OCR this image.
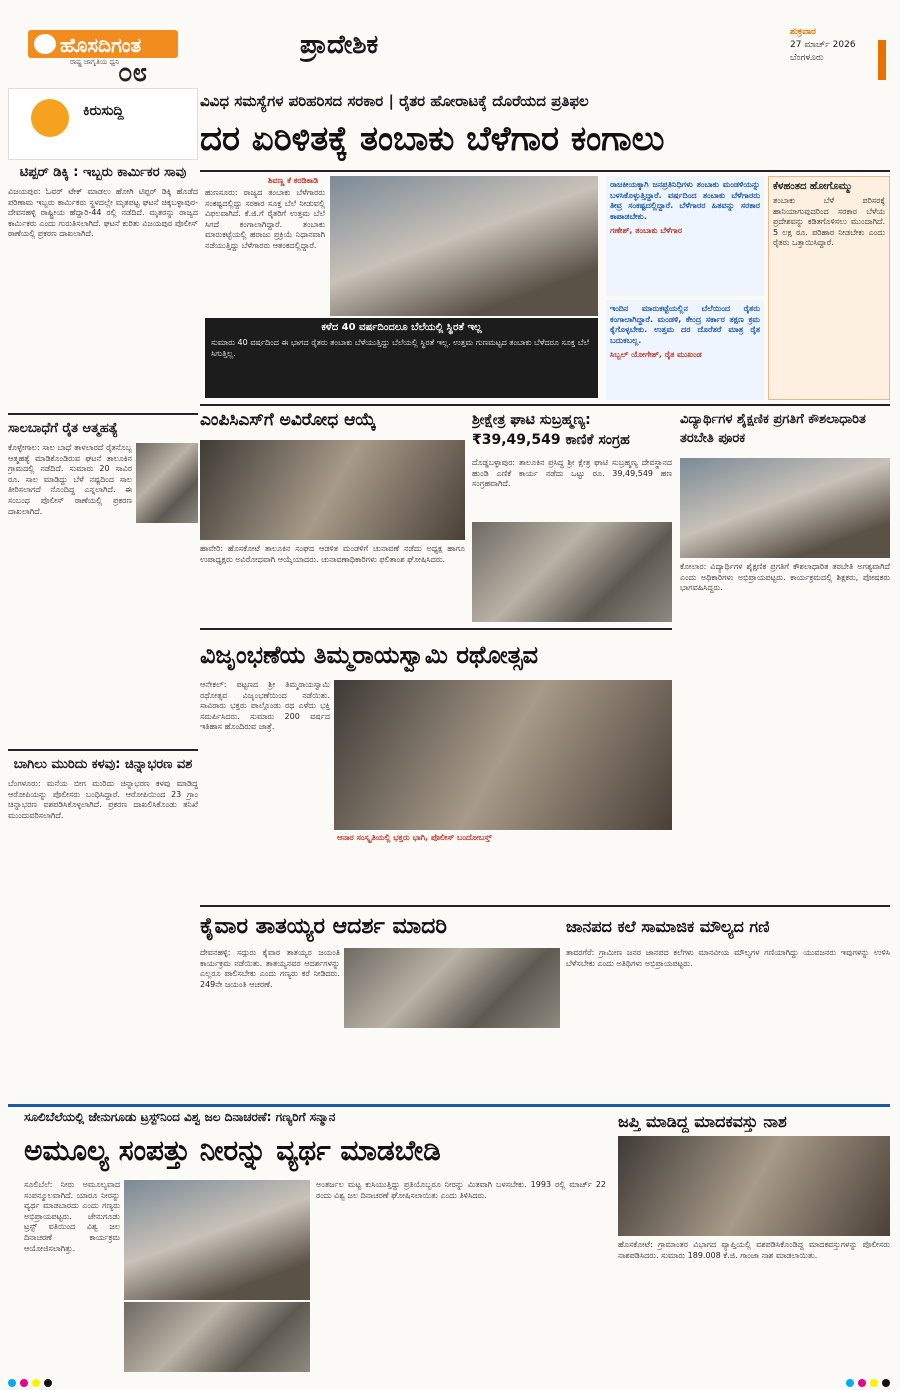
ಹೊಸದಿಗಂತ
ರಾಷ್ಟ್ರ ಜಾಗೃತಿಯ ಧ್ವನಿ
೦೮
ಪ್ರಾದೇಶಿಕ	ಶುಕ್ರವಾರ
27 ಮಾರ್ಚ್ 2026
ಬೆಂಗಳೂರು
ಕಿರುಸುದ್ದಿ
ಟಿಪ್ಪರ್ ಡಿಕ್ಕಿ : ಇಬ್ಬರು ಕಾರ್ಮಿಕರ ಸಾವು
ವಿಜಯಪುರ: ಓವರ್ ಟೇಕ್ ಮಾಡಲು ಹೋಗಿ ಟಿಪ್ಪರ್ ಡಿಕ್ಕಿ ಹೊಡೆದ ಪರಿಣಾಮ ಇಬ್ಬರು ಕಾರ್ಮಿಕರು ಸ್ಥಳದಲ್ಲೇ ಮೃತಪಟ್ಟ ಘಟನೆ ಚಿಕ್ಕಬಳ್ಳಾಪುರ-ದೇವನಹಳ್ಳಿ ರಾಷ್ಟ್ರೀಯ ಹೆದ್ದಾರಿ-44 ರಲ್ಲಿ ನಡೆದಿದೆ. ಮೃತರನ್ನು ರಾಜ್ಯದ ಕಾರ್ಮಿಕರು ಎಂದು ಗುರುತಿಸಲಾಗಿದೆ. ಘಟನೆ ಕುರಿತು ವಿಜಯಪುರ ಪೊಲೀಸ್ ಠಾಣೆಯಲ್ಲಿ ಪ್ರಕರಣ ದಾಖಲಾಗಿದೆ.
ಸಾಲಬಾಧೆಗೆ ರೈತ ಆತ್ಮಹತ್ಯೆ
ಕೊಳ್ಳೇಗಾಲ: ಸಾಲ ಬಾಧೆ ತಾಳಲಾರದೆ ರೈತನೊಬ್ಬ ಆತ್ಮಹತ್ಯೆ ಮಾಡಿಕೊಂಡಿರುವ ಘಟನೆ ತಾಲೂಕಿನ ಗ್ರಾಮದಲ್ಲಿ ನಡೆದಿದೆ. ಸುಮಾರು 20 ಸಾವಿರ ರೂ. ಸಾಲ ಮಾಡಿದ್ದು ಬೆಳೆ ನಷ್ಟದಿಂದ ಸಾಲ ತೀರಿಸಲಾಗದೆ ನೊಂದಿದ್ದ ಎನ್ನಲಾಗಿದೆ. ಈ ಸಂಬಂಧ ಪೊಲೀಸ್ ಠಾಣೆಯಲ್ಲಿ ಪ್ರಕರಣ ದಾಖಲಾಗಿದೆ.
ಬಾಗಿಲು ಮುರಿದು ಕಳವು: ಚಿನ್ನಾಭರಣ ವಶ
ಬೆಂಗಳೂರು: ಮನೆಯ ಬೀಗ ಮುರಿದು ಚಿನ್ನಾಭರಣ ಕಳವು ಮಾಡಿದ್ದ ಆರೋಪಿಯನ್ನು ಪೊಲೀಸರು ಬಂಧಿಸಿದ್ದಾರೆ. ಆರೋಪಿಯಿಂದ 23 ಗ್ರಾಂ ಚಿನ್ನಾಭರಣ ವಶಪಡಿಸಿಕೊಳ್ಳಲಾಗಿದೆ. ಪ್ರಕರಣ ದಾಖಲಿಸಿಕೊಂಡು ತನಿಖೆ ಮುಂದುವರಿಸಲಾಗಿದೆ.
ವಿವಿಧ ಸಮಸ್ಯೆಗಳ ಪರಿಹರಿಸದ ಸರಕಾರ | ರೈತರ ಹೋರಾಟಕ್ಕೆ ದೊರೆಯದ ಪ್ರತಿಫಲ
ದರ ಏರಿಳಿತಕ್ಕೆ ತಂಬಾಕು ಬೆಳೆಗಾರ ಕಂಗಾಲು
ಶಿವಣ್ಣ ಕೆ ಕರಡಿಕಾಡಿ
ಹುಣಸೂರು: ರಾಜ್ಯದ ತಂಬಾಕು ಬೆಳೆಗಾರರು ಸಂಕಷ್ಟದಲ್ಲಿದ್ದು ಸರಕಾರ ಸೂಕ್ತ ಬೆಲೆ ನೀಡುವಲ್ಲಿ ವಿಫಲವಾಗಿದೆ. ಕೆ.ಜಿ.ಗೆ ರೈತರಿಗೆ ಉತ್ತಮ ಬೆಲೆ ಸಿಗದೆ ಕಂಗಾಲಾಗಿದ್ದಾರೆ. ತಂಬಾಕು ಮಾರುಕಟ್ಟೆಯಲ್ಲಿ ಹರಾಜು ಪ್ರಕ್ರಿಯೆ ನಿಧಾನವಾಗಿ ನಡೆಯುತ್ತಿದ್ದು ಬೆಳೆಗಾರರು ಆತಂಕದಲ್ಲಿದ್ದಾರೆ.
ಕಳೆದ 40 ವರ್ಷದಿಂದಲೂ ಬೆಲೆಯಲ್ಲಿ ಸ್ಥಿರತೆ ಇಲ್ಲ
ಸುಮಾರು 40 ವರ್ಷದಿಂದ ಈ ಭಾಗದ ರೈತರು ತಂಬಾಕು ಬೆಳೆಯುತ್ತಿದ್ದು ಬೆಲೆಯಲ್ಲಿ ಸ್ಥಿರತೆ ಇಲ್ಲ. ಉತ್ತಮ ಗುಣಮಟ್ಟದ ತಂಬಾಕು ಬೆಳೆದರೂ ಸೂಕ್ತ ಬೆಲೆ ಸಿಗುತ್ತಿಲ್ಲ.
ರಾಜಕೀಯಕ್ಕಾಗಿ ಜನಪ್ರತಿನಿಧಿಗಳು ತಂಬಾಕು ಮಂಡಳಿಯನ್ನು ಬಳಸಿಕೊಳ್ಳುತ್ತಿದ್ದಾರೆ. ವರ್ಷದಿಂದ ತಂಬಾಕು ಬೆಳೆಗಾರರು ತೀವ್ರ ಸಂಕಷ್ಟದಲ್ಲಿದ್ದಾರೆ. ಬೆಳೆಗಾರರ ಹಿತವನ್ನು ಸರಕಾರ ಕಾಪಾಡಬೇಕು.
ಗಣೇಶ್, ತಂಬಾಕು ಬೆಳೆಗಾರ
ಇಂದಿನ ಮಾರುಕಟ್ಟೆಯಲ್ಲಿನ ಬೆಲೆಯಿಂದ ರೈತರು ಕಂಗಾಲಾಗಿದ್ದಾರೆ. ಮಂಡಳಿ, ಕೇಂದ್ರ ಸರ್ಕಾರ ತಕ್ಷಣ ಕ್ರಮ ಕೈಗೊಳ್ಳಬೇಕು. ಉತ್ತಮ ದರ ದೊರೆತರೆ ಮಾತ್ರ ರೈತ ಬದುಕಬಲ್ಲ.
ಸಿಬ್ಬಲ್ ಯೋಗೇಶ್, ರೈತ ಮುಖಂಡ
ಕೆಳಹಂತದ ಹೋಗೊಮ್ಮು
ತಂಬಾಕು ಬೆಳೆ ಪರಿಸರಕ್ಕೆ ಹಾನಿಯಾಗುವುದರಿಂದ ಸರಕಾರ ಬೆಳೆಯ ಪ್ರದೇಶವನ್ನು ಕಡಿತಗೊಳಿಸಲು ಮುಂದಾಗಿದೆ. 5 ಲಕ್ಷ ರೂ. ಪರಿಹಾರ ನೀಡಬೇಕು ಎಂದು ರೈತರು ಒತ್ತಾಯಿಸಿದ್ದಾರೆ.
ಎಂಪಿಸಿಎಸ್‌ಗೆ ಅವಿರೋಧ ಆಯ್ಕೆ
ಹಾವೇರಿ: ಹೊಸಕೋಟೆ ತಾಲೂಕಿನ ಸಂಘದ ಆಡಳಿತ ಮಂಡಳಿಗೆ ಚುನಾವಣೆ ನಡೆದು ಅಧ್ಯಕ್ಷ ಹಾಗೂ ಉಪಾಧ್ಯಕ್ಷರು ಅವಿರೋಧವಾಗಿ ಆಯ್ಕೆಯಾದರು. ಚುನಾವಣಾಧಿಕಾರಿಗಳು ಫಲಿತಾಂಶ ಘೋಷಿಸಿದರು.
ಶ್ರೀಕ್ಷೇತ್ರ ಘಾಟಿ ಸುಬ್ರಹ್ಮಣ್ಯ: ₹39,49,549 ಕಾಣಿಕೆ ಸಂಗ್ರಹ
ದೊಡ್ಡಬಳ್ಳಾಪುರ: ತಾಲೂಕಿನ ಪ್ರಸಿದ್ಧ ಶ್ರೀ ಕ್ಷೇತ್ರ ಘಾಟಿ ಸುಬ್ರಹ್ಮಣ್ಯ ದೇವಸ್ಥಾನದ ಹುಂಡಿ ಎಣಿಕೆ ಕಾರ್ಯ ನಡೆದು ಒಟ್ಟು ರೂ. 39,49,549 ಹಣ ಸಂಗ್ರಹವಾಗಿದೆ.
ವಿದ್ಯಾರ್ಥಿಗಳ ಶೈಕ್ಷಣಿಕ ಪ್ರಗತಿಗೆ ಕೌಶಲಾಧಾರಿತ ತರಬೇತಿ ಪೂರಕ
ಕೋಲಾರ: ವಿದ್ಯಾರ್ಥಿಗಳ ಶೈಕ್ಷಣಿಕ ಪ್ರಗತಿಗೆ ಕೌಶಲಾಧಾರಿತ ತರಬೇತಿ ಅಗತ್ಯವಾಗಿದೆ ಎಂದು ಅಧಿಕಾರಿಗಳು ಅಭಿಪ್ರಾಯಪಟ್ಟರು. ಕಾರ್ಯಕ್ರಮದಲ್ಲಿ ಶಿಕ್ಷಕರು, ಪೋಷಕರು ಭಾಗವಹಿಸಿದ್ದರು.
ವಿಜೃಂಭಣೆಯ ತಿಮ್ಮರಾಯಸ್ವಾಮಿ ರಥೋತ್ಸವ
ಆನೇಕಲ್: ಪಟ್ಟಣದ ಶ್ರೀ ತಿಮ್ಮರಾಯಸ್ವಾಮಿ ರಥೋತ್ಸವ ವಿಜೃಂಭಣೆಯಿಂದ ನಡೆಯಿತು. ಸಾವಿರಾರು ಭಕ್ತರು ಪಾಲ್ಗೊಂಡು ರಥ ಎಳೆದು ಭಕ್ತಿ ಸಮರ್ಪಿಸಿದರು. ಸುಮಾರು 200 ವರ್ಷದ ಇತಿಹಾಸ ಹೊಂದಿರುವ ಜಾತ್ರೆ.
ಆನಾರ ಸಂಸ್ಕೃತಿಯಲ್ಲಿ ಭಕ್ತರು ಭಾಗಿ, ಪೊಲೀಸ್ ಬಂದೋಬಸ್ತ್
ಕೈವಾರ ತಾತಯ್ಯರ ಆದರ್ಶ ಮಾದರಿ
ದೇವನಹಳ್ಳಿ: ಸದ್ಗುರು ಕೈವಾರ ತಾತಯ್ಯರ ಜಯಂತಿ ಕಾರ್ಯಕ್ರಮ ನಡೆಯಿತು. ತಾತಯ್ಯನವರ ಆದರ್ಶಗಳನ್ನು ಎಲ್ಲರೂ ಪಾಲಿಸಬೇಕು ಎಂದು ಗಣ್ಯರು ಕರೆ ನೀಡಿದರು. 249ನೇ ಜಯಂತಿ ಆಚರಣೆ.
ಜಾನಪದ ಕಲೆ ಸಾಮಾಜಿಕ ಮೌಲ್ಯದ ಗಣಿ
ತಾವರಗೆರೆ: ಗ್ರಾಮೀಣ ಜನರ ಜಾನಪದ ಕಲೆಗಳು ಮಾನವೀಯ ಮೌಲ್ಯಗಳ ಗಣಿಯಾಗಿದ್ದು ಯುವಜನರು ಇವುಗಳನ್ನು ಉಳಿಸಿ ಬೆಳೆಸಬೇಕು ಎಂದು ಅತಿಥಿಗಳು ಅಭಿಪ್ರಾಯಪಟ್ಟರು.
ಸೂಲಿಬೆಲೆಯಲ್ಲಿ ಜೇನುಗೂಡು ಟ್ರಸ್ಟ್‌ನಿಂದ ವಿಶ್ವ ಜಲ ದಿನಾಚರಣೆ: ಗಣ್ಯರಿಗೆ ಸನ್ಮಾನ
ಅಮೂಲ್ಯ ಸಂಪತ್ತು ನೀರನ್ನು ವ್ಯರ್ಥ ಮಾಡಬೇಡಿ
ಸೂಲಿಬೆಲೆ: ನೀರು ಅಮೂಲ್ಯವಾದ ಸಂಪನ್ಮೂಲವಾಗಿದೆ. ಯಾರೂ ನೀರನ್ನು ವ್ಯರ್ಥ ಮಾಡಬಾರದು ಎಂದು ಗಣ್ಯರು ಅಭಿಪ್ರಾಯಪಟ್ಟರು. ಜೇನುಗೂಡು ಟ್ರಸ್ಟ್ ವತಿಯಿಂದ ವಿಶ್ವ ಜಲ ದಿನಾಚರಣೆ ಕಾರ್ಯಕ್ರಮ ಆಯೋಜಿಸಲಾಗಿತ್ತು.
ಅಂತರ್ಜಲ ಮಟ್ಟ ಕುಸಿಯುತ್ತಿದ್ದು ಪ್ರತಿಯೊಬ್ಬರೂ ನೀರನ್ನು ಮಿತವಾಗಿ ಬಳಸಬೇಕು. 1993 ರಲ್ಲಿ ಮಾರ್ಚ್ 22 ರಂದು ವಿಶ್ವ ಜಲ ದಿನಾಚರಣೆ ಘೋಷಿಸಲಾಯಿತು ಎಂದು ತಿಳಿಸಿದರು.
ಜಪ್ತಿ ಮಾಡಿದ್ದ ಮಾದಕವಸ್ತು ನಾಶ
ಹೊಸಕೋಟೆ: ಗ್ರಾಮಾಂತರ ವಿಭಾಗದ ವ್ಯಾಪ್ತಿಯಲ್ಲಿ ವಶಪಡಿಸಿಕೊಂಡಿದ್ದ ಮಾದಕವಸ್ತುಗಳನ್ನು ಪೊಲೀಸರು ನಾಶಪಡಿಸಿದರು. ಸುಮಾರು 189.008 ಕೆ.ಜಿ. ಗಾಂಜಾ ನಾಶ ಮಾಡಲಾಯಿತು.
